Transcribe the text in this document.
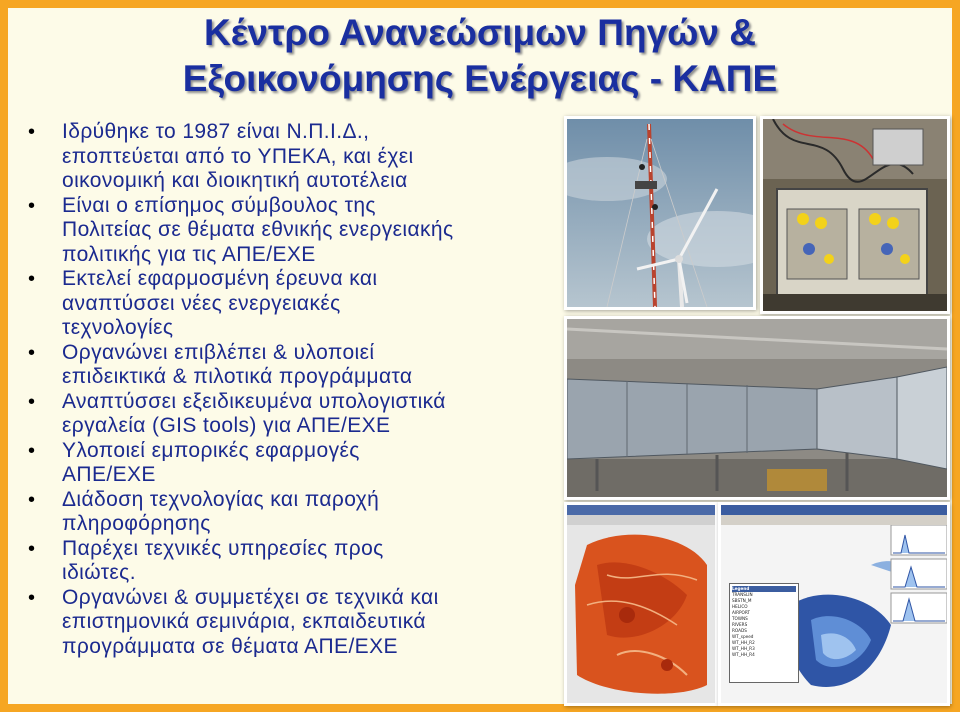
Κέντρο Ανανεώσιμων Πηγών &
Εξοικονόμησης Ενέργειας - ΚΑΠΕ
• Ιδρύθηκε το 1987 είναι Ν.Π.Ι.Δ.,
εποπτεύεται από το ΥΠΕΚΑ, και έχει
οικονομική και διοικητική αυτοτέλεια
• Είναι ο επίσημος σύμβουλος της
Πολιτείας σε θέματα εθνικής ενεργειακής
πολιτικής για τις ΑΠΕ/ΕΧΕ
• Εκτελεί εφαρμοσμένη έρευνα και
αναπτύσσει νέες ενεργειακές
τεχνολογίες
• Οργανώνει επιβλέπει & υλοποιεί
επιδεικτικά & πιλοτικά προγράμματα
• Αναπτύσσει εξειδικευμένα υπολογιστικά
εργαλεία (GIS tools) για ΑΠΕ/ΕΧΕ
• Υλοποιεί εμπορικές εφαρμογές
ΑΠΕ/ΕΧΕ
• Διάδοση τεχνολογίας και παροχή
πληροφόρησης
• Παρέχει τεχνικές υπηρεσίες προς
ιδιώτες.
• Οργανώνει & συμμετέχει σε τεχνικά και
επιστημονικά σεμινάρια, εκπαιδευτικά
προγράμματα σε θέματα ΑΠΕ/ΕΧΕ
Legend
TRANSLIN
SBSTN_M
HELICO
AIRPORT
TOWNS
RIVERS
ROADS
WT_speed
WT_HH_R2
WT_HH_R3
WT_HH_R4
